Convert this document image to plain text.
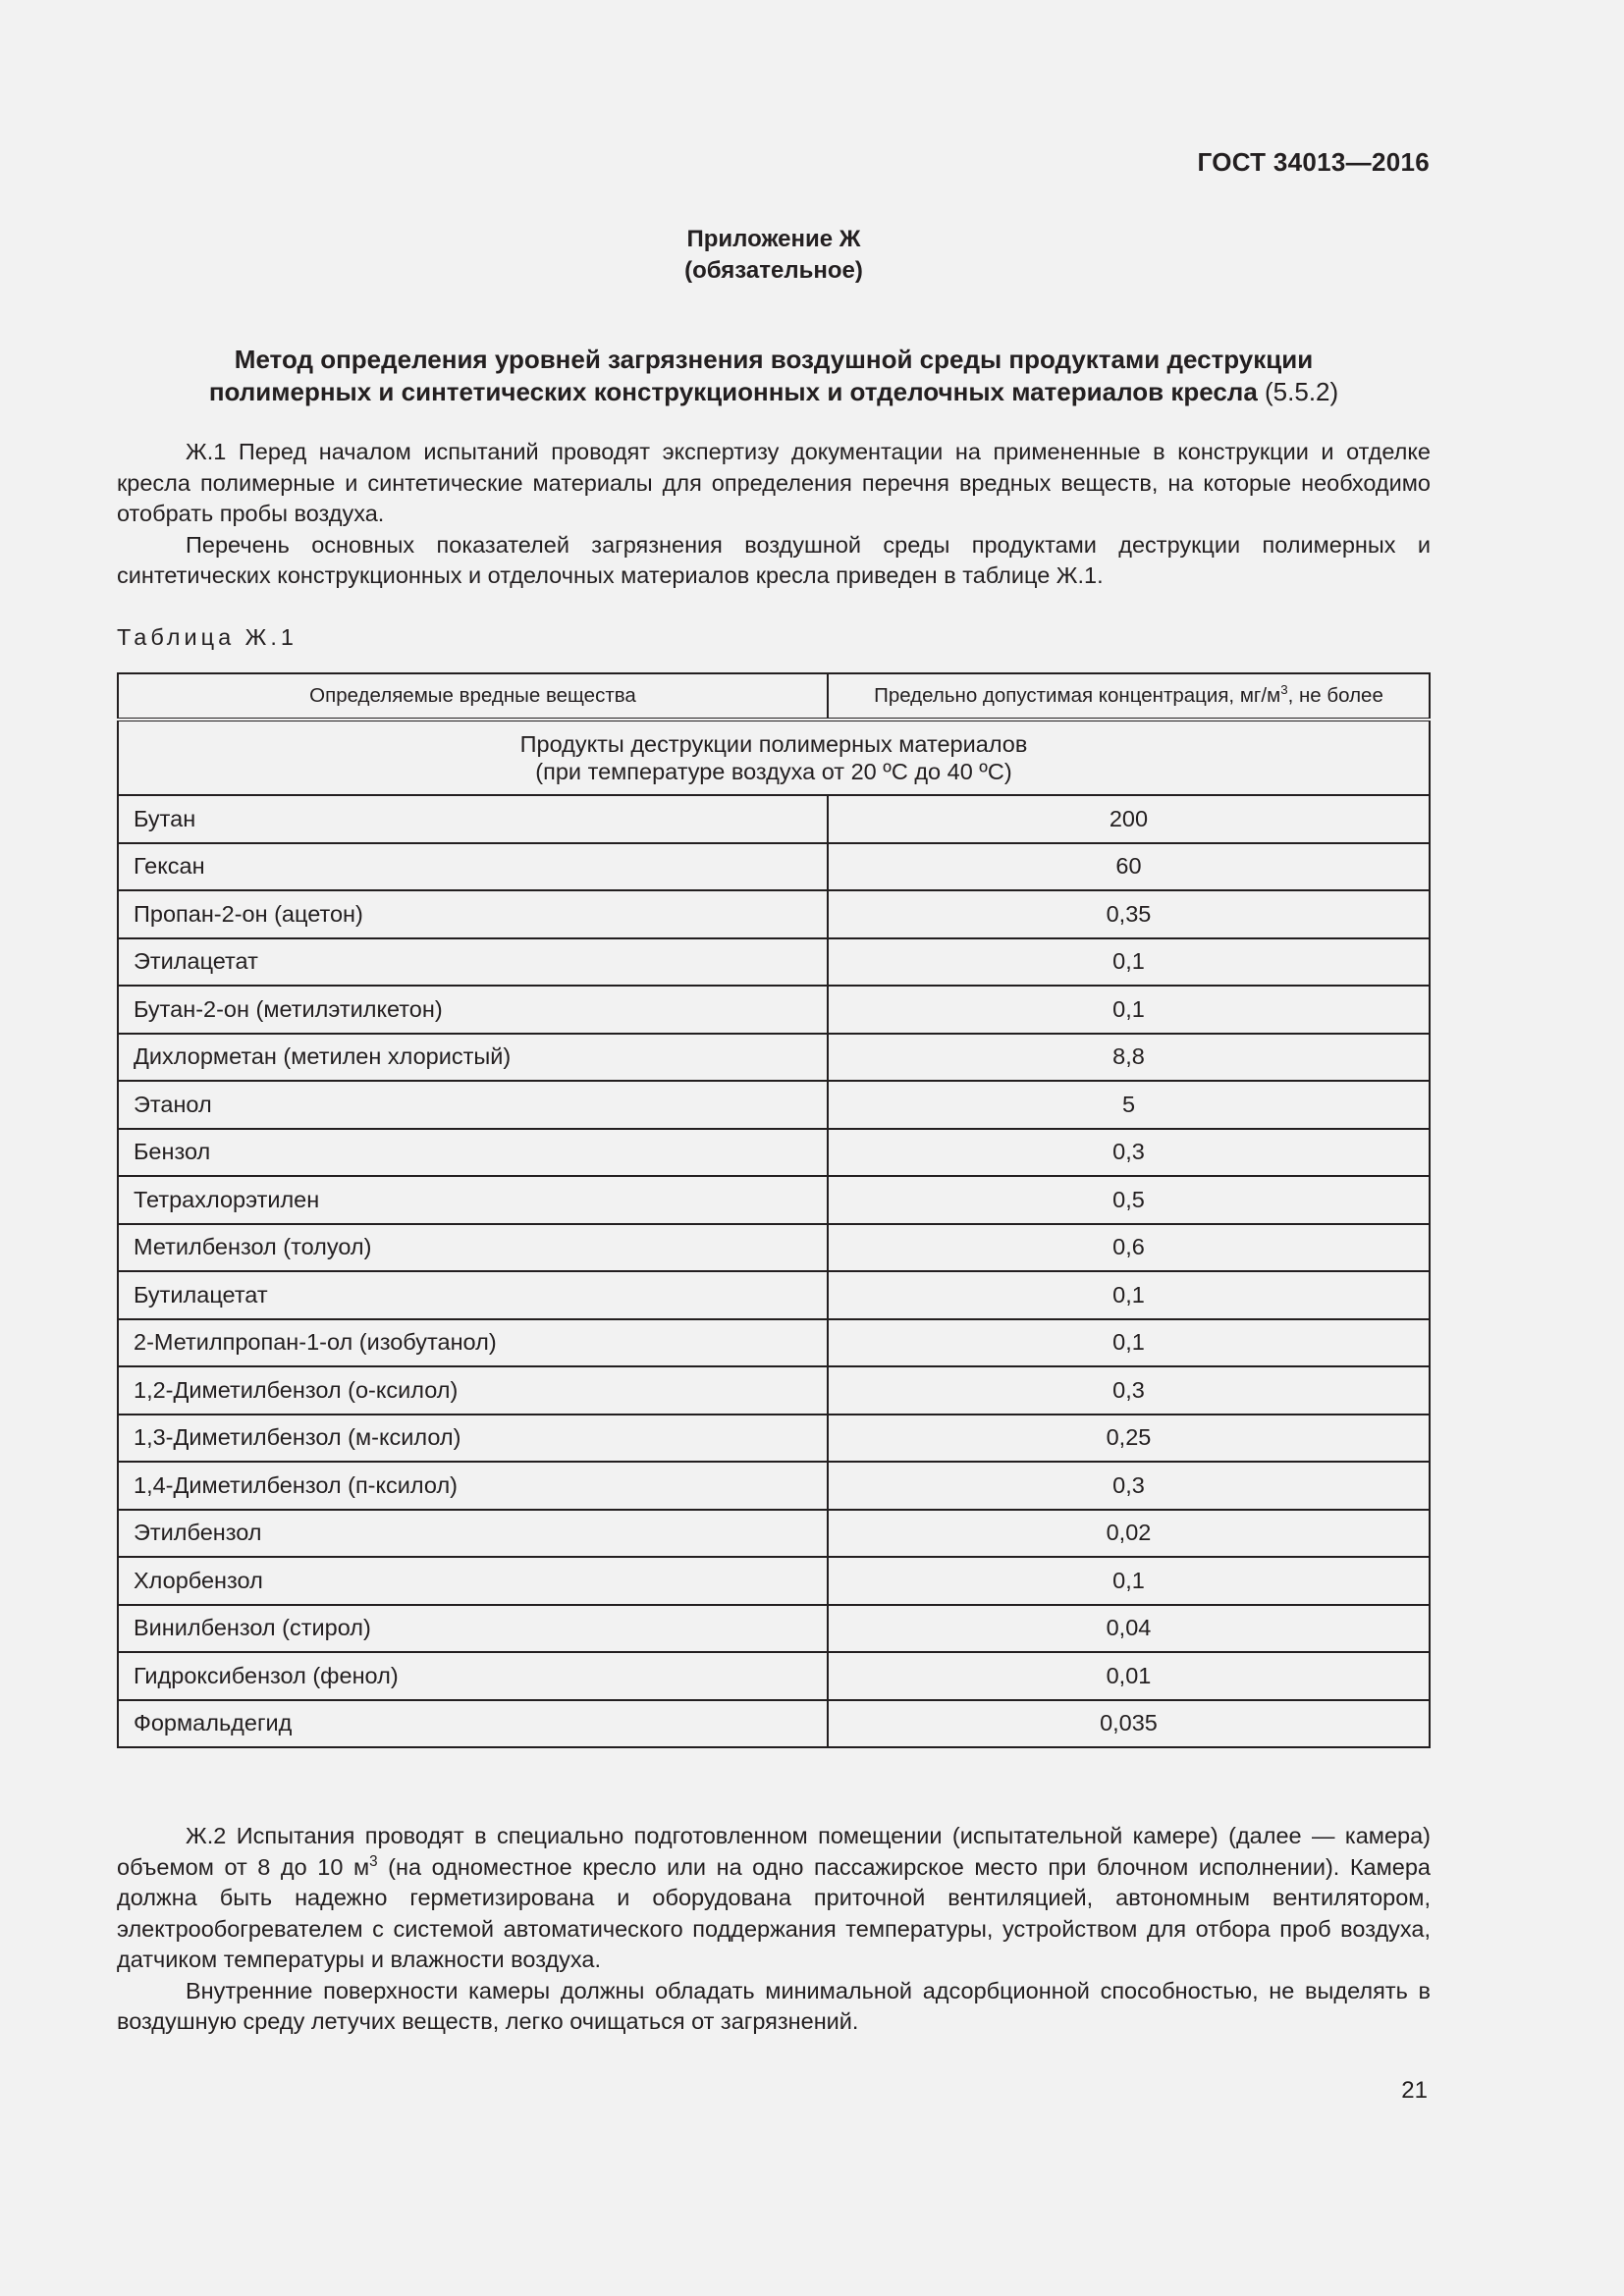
ГОСТ 34013—2016
Приложение Ж
(обязательное)
Метод определения уровней загрязнения воздушной среды продуктами деструкции
полимерных и синтетических конструкционных и отделочных материалов кресла (5.5.2)

Ж.1 Перед началом испытаний проводят экспертизу документации на примененные в конструкции и отделке кресла полимерные и синтетические материалы для определения перечня вредных веществ, на которые необходимо отобрать пробы воздуха.

Перечень основных показателей загрязнения воздушной среды продуктами деструкции полимерных и синтетических конструкционных и отделочных материалов кресла приведен в таблице Ж.1.

Таблица Ж.1
Определяемые вредные вещества	Предельно допустимая концентрация, $мг/м^3$, не более

Продукты деструкции полимерных материалов
(при температуре воздуха от 20 ºС до 40 ºС)	

Бутан	200
Гексан	60
Пропан-2-он (ацетон)	0,35
Этилацетат	0,1
Бутан-2-он (метилэтилкетон)	0,1
Дихлорметан (метилен хлористый)	8,8
Этанол	5
Бензол	0,3
Тетрахлорэтилен	0,5
Метилбензол (толуол)	0,6
Бутилацетат	0,1
2-Метилпропан-1-ол (изобутанол)	0,1
1,2-Диметилбензол (о-ксилол)	0,3
1,3-Диметилбензол (м-ксилол)	0,25
1,4-Диметилбензол (п-ксилол)	0,3
Этилбензол	0,02
Хлорбензол	0,1
Винилбензол (стирол)	0,04
Гидроксибензол (фенол)	0,01
Формальдегид	0,035

Ж.2 Испытания проводят в специально подготовленном помещении (испытательной камере) (далее — камера) объемом от 8 до 10 $м^3$ (на одноместное кресло или на одно пассажирское место при блочном исполнении). Камера должна быть надежно герметизирована и оборудована приточной вентиляцией, автономным вентилятором, электрообогревателем с системой автоматического поддержания температуры, устройством для отбора проб воздуха, датчиком температуры и влажности воздуха.

Внутренние поверхности камеры должны обладать минимальной адсорбционной способностью, не выделять в воздушную среду летучих веществ, легко очищаться от загрязнений.

21
